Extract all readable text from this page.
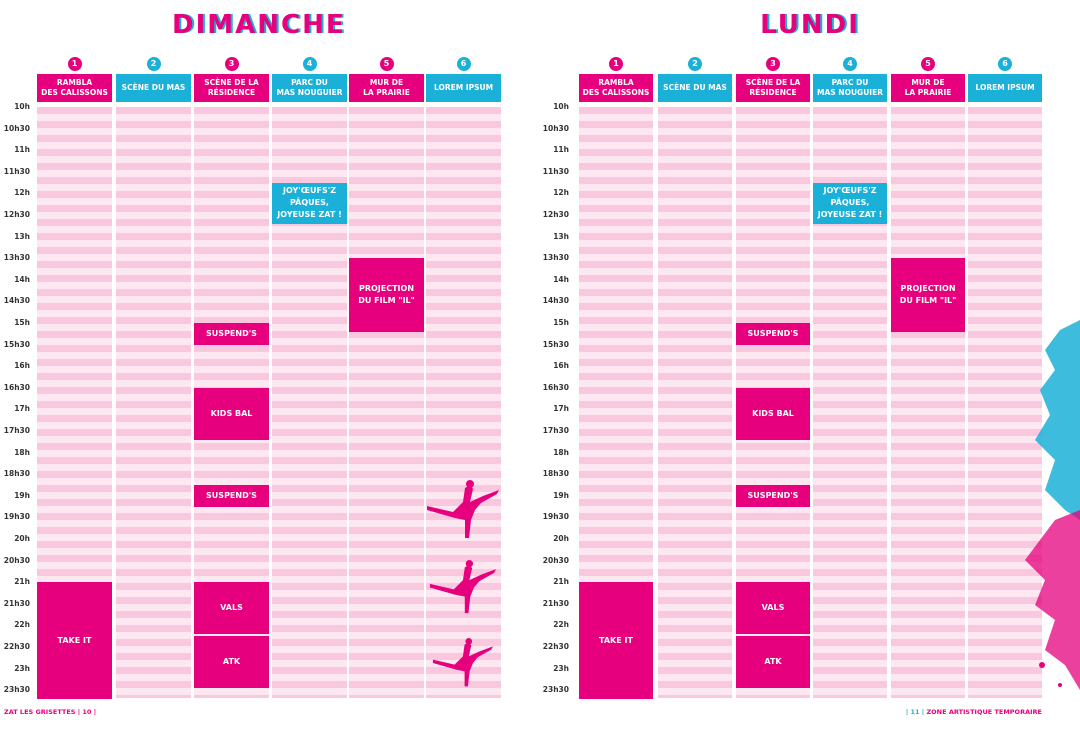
DIMANCHE
1
RAMBLA
DES CALISSONS
2
SCÈNE DU MAS
3
SCÈNE DE LA
RÉSIDENCE
4
PARC DU
MAS NOUGUIER
5
MUR DE
LA PRAIRIE
6
LOREM IPSUM
10h
10h30
11h
11h30
12h
12h30
13h
13h30
14h
14h30
15h
15h30
16h
16h30
17h
17h30
18h
18h30
19h
19h30
20h
20h30
21h
21h30
22h
22h30
23h
23h30
JOY'ŒUFS'Z
PÂQUES,
JOYEUSE ZAT !
PROJECTION
DU FILM "IL"
SUSPEND'S
KIDS BAL
SUSPEND'S
TAKE IT
VALS
ATK
LUNDI
1
RAMBLA
DES CALISSONS
2
SCÈNE DU MAS
3
SCÈNE DE LA
RÉSIDENCE
4
PARC DU
MAS NOUGUIER
5
MUR DE
LA PRAIRIE
6
LOREM IPSUM
10h
10h30
11h
11h30
12h
12h30
13h
13h30
14h
14h30
15h
15h30
16h
16h30
17h
17h30
18h
18h30
19h
19h30
20h
20h30
21h
21h30
22h
22h30
23h
23h30
JOY'ŒUFS'Z
PÂQUES,
JOYEUSE ZAT !
PROJECTION
DU FILM "IL"
SUSPEND'S
KIDS BAL
SUSPEND'S
TAKE IT
VALS
ATK
ZAT LES GRISETTES | 10 |	| 11 | ZONE ARTISTIQUE TEMPORAIRE
